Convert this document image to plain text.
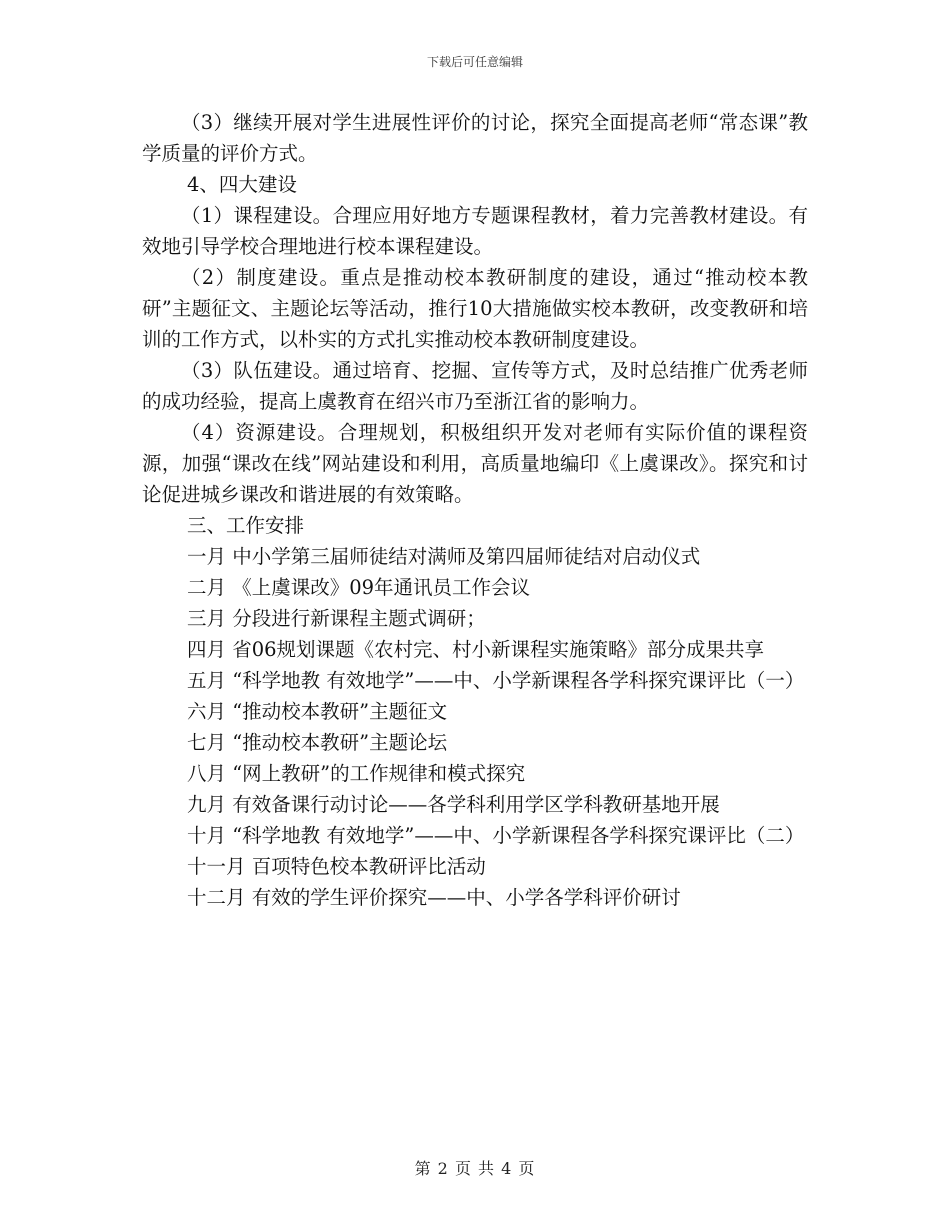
下载后可任意编辑

（3）继续开展对学生进展性评价的讨论，探究全面提高老师“常态课”教学质量的评价方式。

4、四大建设

（1）课程建设。合理应用好地方专题课程教材，着力完善教材建设。有效地引导学校合理地进行校本课程建设。

（2）制度建设。重点是推动校本教研制度的建设，通过“推动校本教研”主题征文、主题论坛等活动，推行10大措施做实校本教研，改变教研和培训的工作方式，以朴实的方式扎实推动校本教研制度建设。

（3）队伍建设。通过培育、挖掘、宣传等方式，及时总结推广优秀老师的成功经验，提高上虞教育在绍兴市乃至浙江省的影响力。

（4）资源建设。合理规划，积极组织开发对老师有实际价值的课程资源，加强“课改在线”网站建设和利用，高质量地编印《上虞课改》。探究和讨论促进城乡课改和谐进展的有效策略。

三、工作安排

一月 中小学第三届师徒结对满师及第四届师徒结对启动仪式

二月 《上虞课改》09年通讯员工作会议

三月 分段进行新课程主题式调研；

四月 省06规划课题《农村完、村小新课程实施策略》部分成果共享

五月 “科学地教 有效地学”——中、小学新课程各学科探究课评比（一）

六月 “推动校本教研”主题征文

七月 “推动校本教研”主题论坛

八月 “网上教研”的工作规律和模式探究

九月 有效备课行动讨论——各学科利用学区学科教研基地开展

十月 “科学地教 有效地学”——中、小学新课程各学科探究课评比（二）

十一月 百项特色校本教研评比活动

十二月 有效的学生评价探究——中、小学各学科评价研讨

第 2 页 共 4 页
